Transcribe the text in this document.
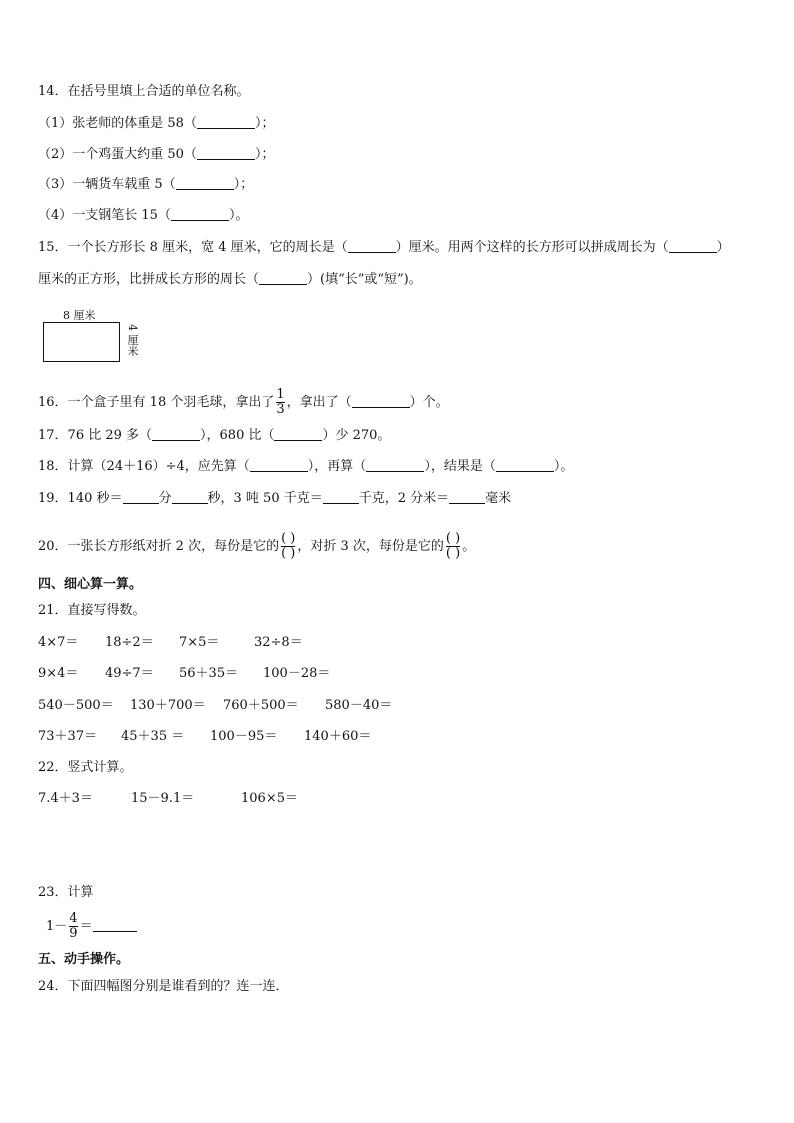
14．在括号里填上合适的单位名称。
（1）张老师的体重是 58（	）；
（2）一个鸡蛋大约重 50（	）；
（3）一辆货车载重 5（	）；
（4）一支钢笔长 15（	）。
15．一个长方形长 8 厘米，宽 4 厘米，它的周长是（	）厘米。用两个这样的长方形可以拼成周长为（	）
厘米的正方形，比拼成长方形的周长（	）(填“长”或“短”)。
8 厘米
4 厘米
16．一个盒子里有 18 个羽毛球，拿出了 $\frac{1}{3}$ ，拿出了（	）个。
17．76 比 29 多（	），680 比（	）少 270。
18．计算（24＋16）÷4，应先算（	），再算（	），结果是（	）。
19．140 秒＝	分	秒，3 吨 50 千克＝	千克，2 分米＝	毫米
20．一张长方形纸对折 2 次，每份是它的 $\frac{( )}{( )}$ ，对折 3 次，每份是它的 $\frac{( )}{( )}$ 。
四、细心算一算。
21．直接写得数。
4×7＝ 18÷2＝ 7×5＝	32÷8＝
9×4＝ 49÷7＝ 56＋35＝ 100－28＝
540－500＝ 130＋700＝ 760＋500＝ 580－40＝
73＋37＝ 45＋35 ＝ 100－95＝ 140＋60＝
22．竖式计算。
7.4＋3＝	15－9.1＝	106×5＝
23．计算
$1- \frac{4}{9}$ ＝
五、动手操作。
24．下面四幅图分别是谁看到的？连一连．
